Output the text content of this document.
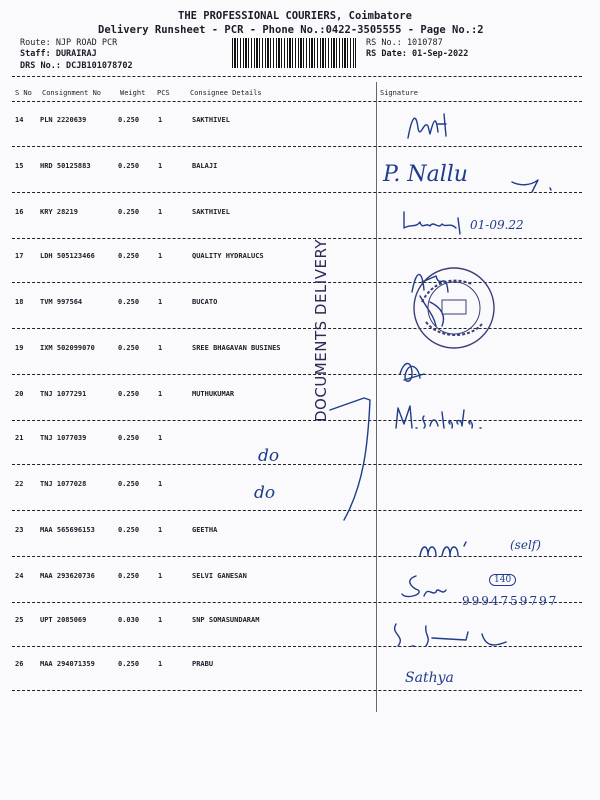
THE PROFESSIONAL COURIERS, Coimbatore
Delivery Runsheet - PCR - Phone No.:0422-3505555 - Page No.:2
Route: NJP ROAD PCR
Staff: DURAIRAJ
DRS No.: DCJB101078702
RS No.: 1010787
RS Date: 01-Sep-2022
S No Consignment No	Weight PCS	Consignee Details	Signature
14 PLN 2220639	0.250	1	SAKTHIVEL
15 HRD 50125883	0.250	1	BALAJI
16 KRY 28219	0.250	1	SAKTHIVEL
17 LDH 505123466	0.250	1	QUALITY HYDRALUCS
18 TVM 997564	0.250	1	BUCATO
19 IXM 502099070	0.250	1	SREE BHAGAVAN BUSINES
20 TNJ 1077291	0.250	1	MUTHUKUMAR
21 TNJ 1077039	0.250	1
22 TNJ 1077028	0.250	1
23 MAA 565696153	0.250	1	GEETHA
24 MAA 293620736	0.250	1	SELVI GANESAN
25 UPT 2085069	0.030	1	SNP SOMASUNDARAM
26 MAA 294071359	0.250	1	PRABU
P. Nallu
01-09.22
do
do
(self)
140
9994759797
Sathya
DOCUMENTS DELIVERY
